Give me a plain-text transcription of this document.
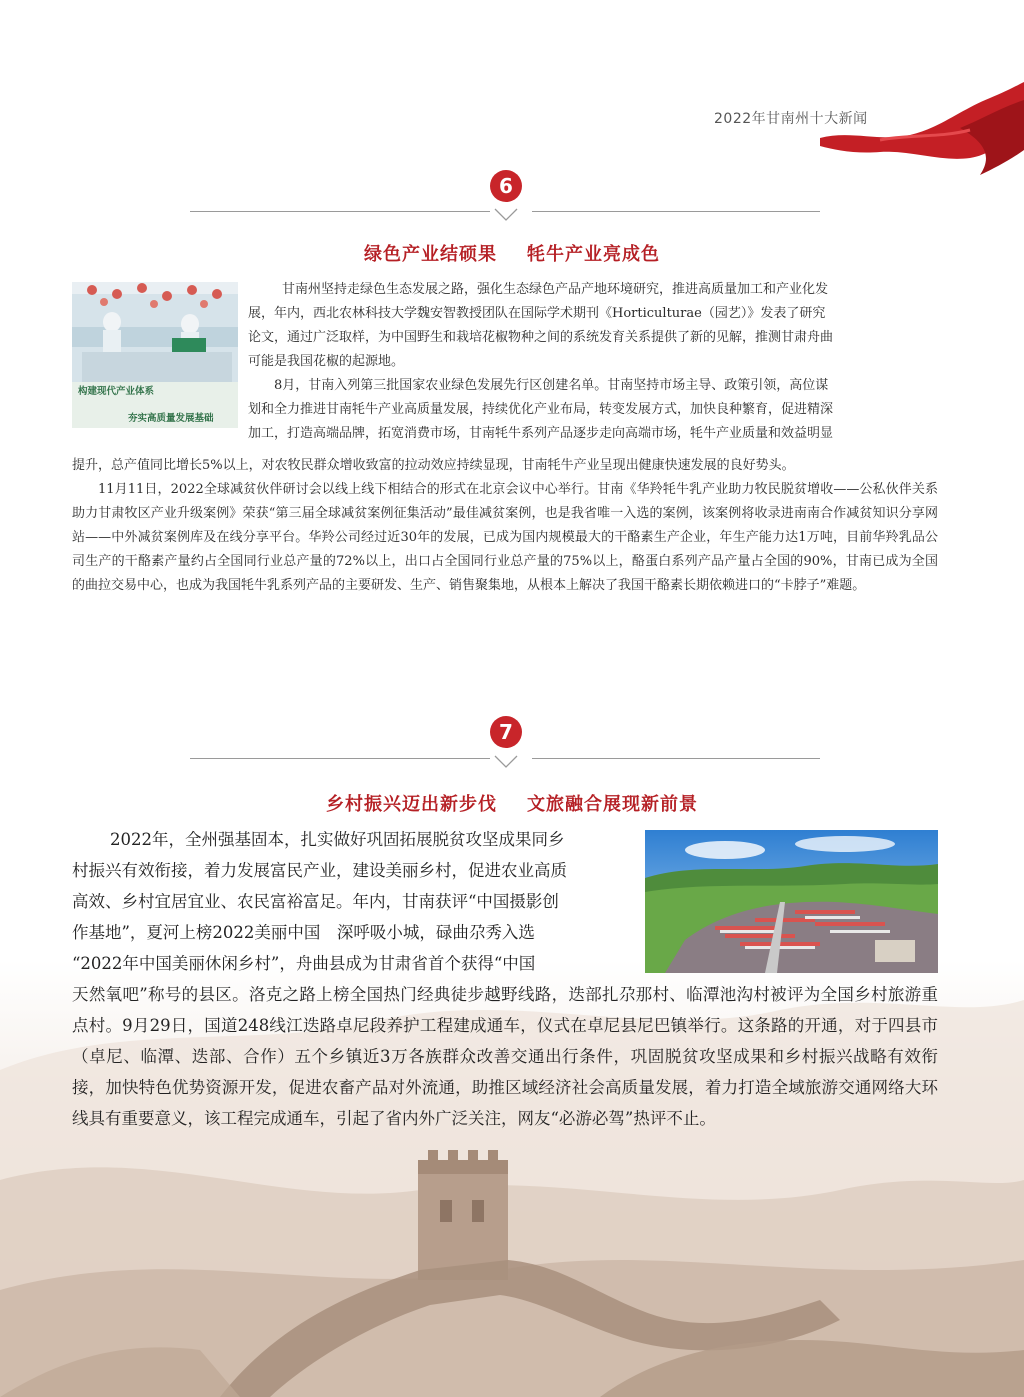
2022年甘南州十大新闻
6
绿色产业结硕果 牦牛产业亮成色
构建现代产业体系
夯实高质量发展基础
甘南州坚持走绿色生态发展之路，强化生态绿色产品产地环境研究，推进高质量加工和产业化发
展，年内，西北农林科技大学魏安智教授团队在国际学术期刊《Horticulturae（园艺）》发表了研究
论文，通过广泛取样，为中国野生和栽培花椒物种之间的系统发育关系提供了新的见解，推测甘肃舟曲
可能是我国花椒的起源地。
8月，甘南入列第三批国家农业绿色发展先行区创建名单。甘南坚持市场主导、政策引领，高位谋
划和全力推进甘南牦牛产业高质量发展，持续优化产业布局，转变发展方式，加快良种繁育，促进精深
加工，打造高端品牌，拓宽消费市场，甘南牦牛系列产品逐步走向高端市场，牦牛产业质量和效益明显

提升，总产值同比增长5%以上，对农牧民群众增收致富的拉动效应持续显现，甘南牦牛产业呈现出健康快速发展的良好势头。

11月11日，2022全球减贫伙伴研讨会以线上线下相结合的形式在北京会议中心举行。甘南《华羚牦牛乳产业助力牧民脱贫增收——公私伙伴关系助力甘肃牧区产业升级案例》荣获“第三届全球减贫案例征集活动”最佳减贫案例，也是我省唯一入选的案例，该案例将收录进南南合作减贫知识分享网站——中外减贫案例库及在线分享平台。华羚公司经过近30年的发展，已成为国内规模最大的干酪素生产企业，年生产能力达1万吨，目前华羚乳品公司生产的干酪素产量约占全国同行业总产量的72%以上，出口占全国同行业总产量的75%以上，酪蛋白系列产品产量占全国的90%，甘南已成为全国的曲拉交易中心，也成为我国牦牛乳系列产品的主要研发、生产、销售聚集地，从根本上解决了我国干酪素长期依赖进口的“卡脖子”难题。

7
乡村振兴迈出新步伐 文旅融合展现新前景
2022年，全州强基固本，扎实做好巩固拓展脱贫攻坚成果同乡
村振兴有效衔接，着力发展富民产业，建设美丽乡村，促进农业高质
高效、乡村宜居宜业、农民富裕富足。年内，甘南获评“中国摄影创
作基地”，夏河上榜2022美丽中国　深呼吸小城，碌曲尕秀入选
“2022年中国美丽休闲乡村”，舟曲县成为甘肃省首个获得“中国

天然氧吧”称号的县区。洛克之路上榜全国热门经典徒步越野线路，迭部扎尕那村、临潭池沟村被评为全国乡村旅游重点村。9月29日，国道248线江迭路卓尼段养护工程建成通车，仪式在卓尼县尼巴镇举行。这条路的开通，对于四县市（卓尼、临潭、迭部、合作）五个乡镇近3万各族群众改善交通出行条件，巩固脱贫攻坚成果和乡村振兴战略有效衔接，加快特色优势资源开发，促进农畜产品对外流通，助推区域经济社会高质量发展，着力打造全域旅游交通网络大环线具有重要意义，该工程完成通车，引起了省内外广泛关注，网友“必游必驾”热评不止。
